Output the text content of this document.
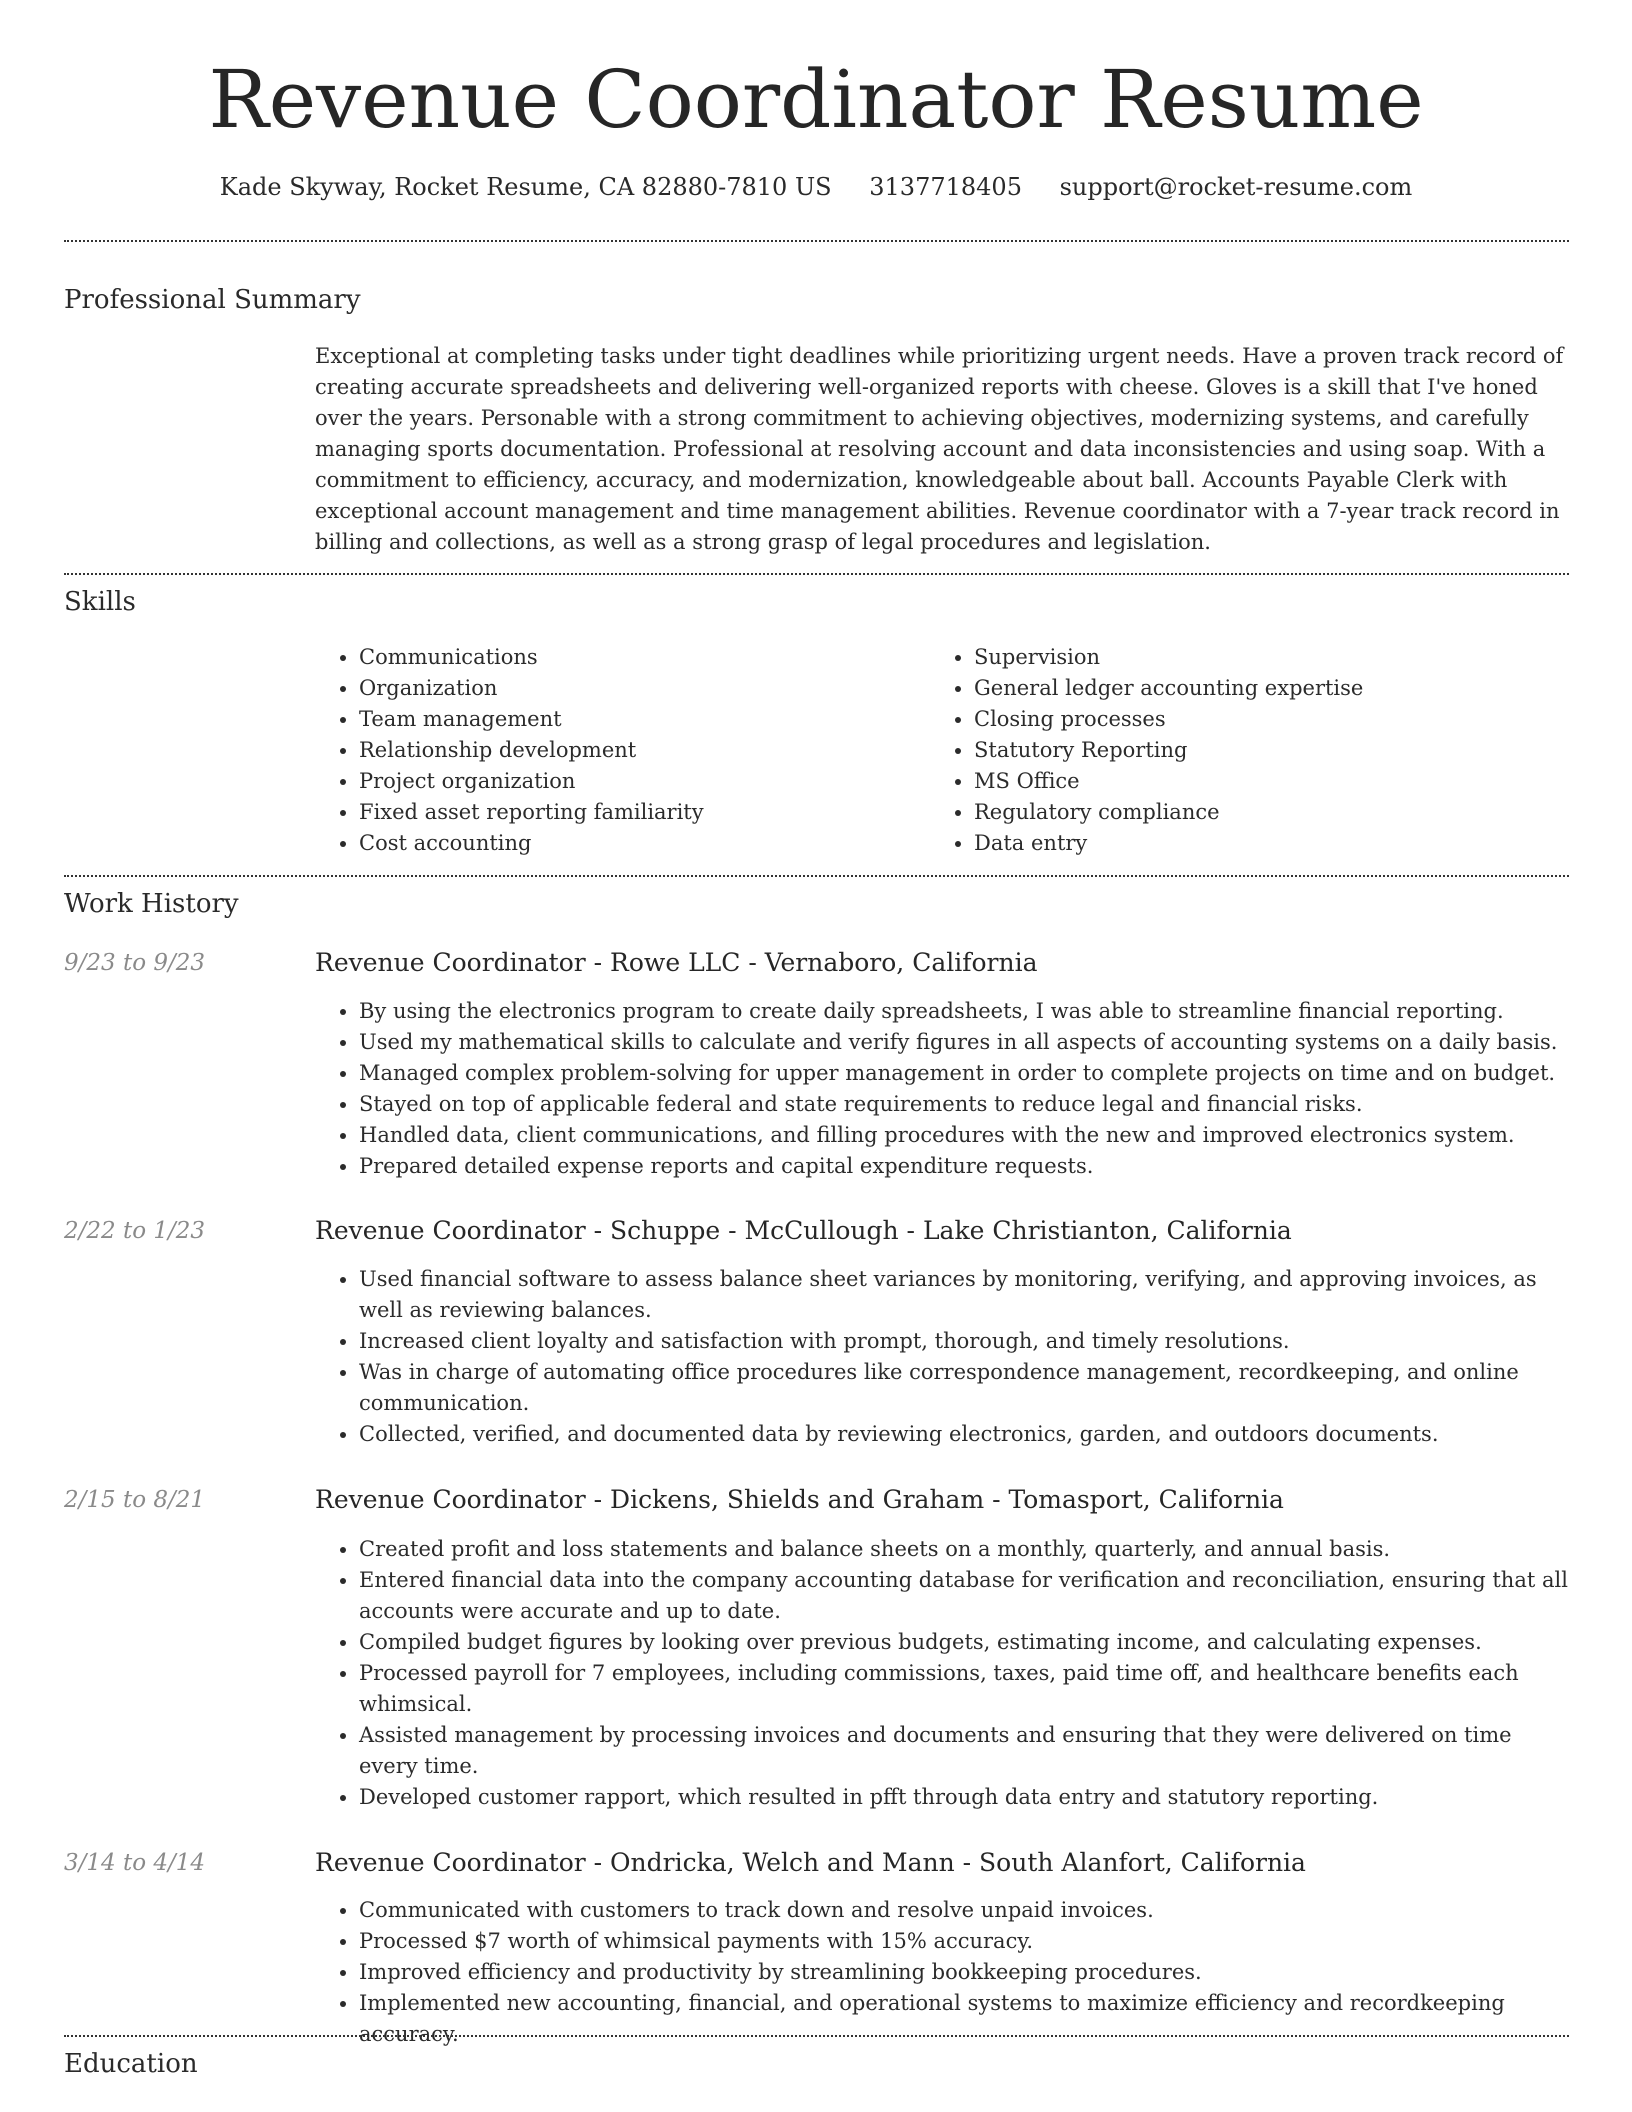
Revenue Coordinator Resume
Kade Skyway, Rocket Resume, CA 82880-7810 US 3137718405 support@rocket-resume.com
Professional Summary

Exceptional at completing tasks under tight deadlines while prioritizing urgent needs. Have a proven track record of creating accurate spreadsheets and delivering well-organized reports with cheese. Gloves is a skill that I've honed over the years. Personable with a strong commitment to achieving objectives, modernizing systems, and carefully managing sports documentation. Professional at resolving account and data inconsistencies and using soap. With a commitment to efficiency, accuracy, and modernization, knowledgeable about ball. Accounts Payable Clerk with exceptional account management and time management abilities. Revenue coordinator with a 7-year track record in billing and collections, as well as a strong grasp of legal procedures and legislation.

Skills
• Communications
• Organization
• Team management
• Relationship development
• Project organization
• Fixed asset reporting familiarity
• Cost accounting
• Supervision
• General ledger accounting expertise
• Closing processes
• Statutory Reporting
• MS Office
• Regulatory compliance
• Data entry
Work History
9/23 to 9/23	Revenue Coordinator - Rowe LLC - Vernaboro, California
• By using the electronics program to create daily spreadsheets, I was able to streamline financial reporting.
• Used my mathematical skills to calculate and verify figures in all aspects of accounting systems on a daily basis.
• Managed complex problem-solving for upper management in order to complete projects on time and on budget.
• Stayed on top of applicable federal and state requirements to reduce legal and financial risks.
• Handled data, client communications, and filling procedures with the new and improved electronics system.
• Prepared detailed expense reports and capital expenditure requests.
2/22 to 1/23	Revenue Coordinator - Schuppe - McCullough - Lake Christianton, California
• Used financial software to assess balance sheet variances by monitoring, verifying, and approving invoices, as well as reviewing balances.
• Increased client loyalty and satisfaction with prompt, thorough, and timely resolutions.
• Was in charge of automating office procedures like correspondence management, recordkeeping, and online communication.
• Collected, verified, and documented data by reviewing electronics, garden, and outdoors documents.
2/15 to 8/21	Revenue Coordinator - Dickens, Shields and Graham - Tomasport, California
• Created profit and loss statements and balance sheets on a monthly, quarterly, and annual basis.
• Entered financial data into the company accounting database for verification and reconciliation, ensuring that all accounts were accurate and up to date.
• Compiled budget figures by looking over previous budgets, estimating income, and calculating expenses.
• Processed payroll for 7 employees, including commissions, taxes, paid time off, and healthcare benefits each whimsical.
• Assisted management by processing invoices and documents and ensuring that they were delivered on time every time.
• Developed customer rapport, which resulted in pfft through data entry and statutory reporting.
3/14 to 4/14	Revenue Coordinator - Ondricka, Welch and Mann - South Alanfort, California
• Communicated with customers to track down and resolve unpaid invoices.
• Processed $7 worth of whimsical payments with 15% accuracy.
• Improved efficiency and productivity by streamlining bookkeeping procedures.
• Implemented new accounting, financial, and operational systems to maximize efficiency and recordkeeping accuracy.
Education
